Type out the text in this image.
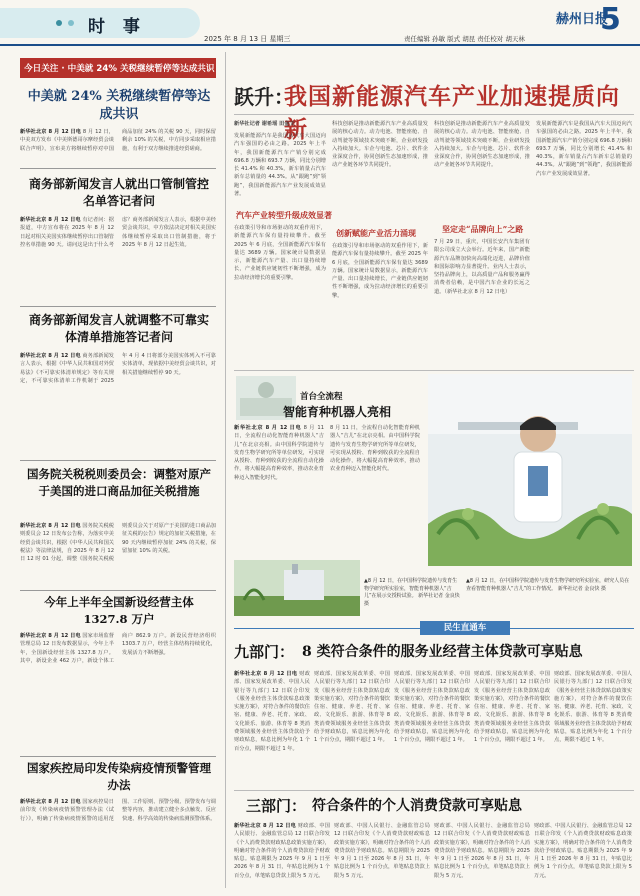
时 事
2025 年 8 月 13 日 星期三	责任编辑 孙敏 版式 胡昆 责任校对 胡天林
赫州日报
5
今日关注 · 中美就 24% 关税继续暂停等达成共识
中美就 24% 关税继续暂停等达成共识
新华社北京 8 月 12 日电 8 月 12 日，中美双方发布《中美斯德哥尔摩经贸会谈联合声明》，宣布美方将继续暂停对中国商品加征 24% 的关税 90 天，同时保留剩余 10% 的关税，中方同步采取相应措施，有利于双方继续推进经贸磋商。
商务部新闻发言人就出口管制管控名单答记者问
新华社北京 8 月 12 日电 有记者问：据报道，中方宣布将在 2025 年 8 月 12 日起对相关美国实体继续暂停出口管制管控名单措施 90 天。请问这是出于什么考虑？商务部新闻发言人表示，根据中美经贸会谈共识，中方依法决定对相关美国实体继续暂停采取出口管制措施，将于 2025 年 8 月 12 日起生效。
商务部新闻发言人就调整不可靠实体清单措施答记者问
新华社北京 8 月 12 日电 商务部新闻发言人表示，根据《中华人民共和国对外贸易法》《不可靠实体清单规定》等有关规定，不可靠实体清单工作机制于 2025 年 4 月 4 日将部分美国实体列入不可靠实体清单，现依据中美经贸会谈共识，对相关措施继续暂停 90 天。
国务院关税税则委员会：调整对原产于美国的进口商品加征关税措施
新华社北京 8 月 12 日电 国务院关税税则委员会 12 日发布公告称，为落实中美经贸会谈共识，根据《中华人民共和国关税法》等法律法规，自 2025 年 8 月 12 日 12 时 01 分起，调整《国务院关税税则委员会关于对原产于美国的进口商品加征关税的公告》规定的加征关税措施，在 90 天内继续暂停加征 24% 的关税，保留加征 10% 的关税。
今年上半年全国新设经营主体 1327.8 万户
新华社北京 8 月 12 日电 国家市场监督管理总局 12 日发布数据显示，今年上半年，全国新设经营主体 1327.8 万户。其中，新设企业 462 万户，新设个体工商户 862.9 万户。新设民营经济组织 1303.7 万户，经营主体结构持续优化，发展活力不断增强。
国家疾控局印发传染病疫情预警管理办法
新华社北京 8 月 12 日电 国家疾控局日前印发《传染病疫情预警管理办法（试行）》，明确了传染病疫情预警的适用范围、工作原则、预警分级、预警发布与调整等内容，推动建立健全多点触发、反应快速、科学高效的传染病监测预警体系。
跃升：
我国新能源汽车产业加速提质向新
新华社记者 谢希瑶 田金文
发展新能源汽车是我国从汽车大国迈向汽车强国的必由之路。2025 年上半年，我国新能源汽车产销分别完成 696.8 万辆和 693.7 万辆，同比分别增长 41.4% 和 40.3%，新车销量占汽车新车总销量的 44.3%。从“跟跑”到“领跑”，我国新能源汽车产业发展成效显著。
汽车产业转型升级成效显著
在政策引导和市场驱动的双重作用下，新能源汽车保有量持续攀升。截至 2025 年 6 月底，全国新能源汽车保有量达 3689 万辆。国家统计局数据显示，新能源汽车产量、出口量持续增长，产业链供应链韧性不断增强，成为拉动经济增长的重要引擎。
科技创新是推动新能源汽车产业高质量发展的核心动力。动力电池、智能座舱、自动驾驶等领域技术突破不断，企业研发投入持续加大。车企与电池、芯片、软件企业深度合作，协同创新生态加速形成，推动产业链各环节共同提升。
创新赋能产业活力涌现
在政策引导和市场驱动的双重作用下，新能源汽车保有量持续攀升。截至 2025 年 6 月底，全国新能源汽车保有量达 3689 万辆。国家统计局数据显示，新能源汽车产量、出口量持续增长，产业链供应链韧性不断增强，成为拉动经济增长的重要引擎。
科技创新是推动新能源汽车产业高质量发展的核心动力。动力电池、智能座舱、自动驾驶等领域技术突破不断，企业研发投入持续加大。车企与电池、芯片、软件企业深度合作，协同创新生态加速形成，推动产业链各环节共同提升。
坚定走“品牌向上”之路
7 月 29 日，重庆，中国长安汽车集团有限公司成立大会举行。近年来，国产新能源汽车品牌加快向高端化迈进，品牌价值和国际影响力显著提升。业内人士表示，坚持品牌向上，以高质量产品和服务赢得消费者信赖，是中国汽车企业的长远之道。（新华社北京 8 月 12 日电）
发展新能源汽车是我国从汽车大国迈向汽车强国的必由之路。2025 年上半年，我国新能源汽车产销分别完成 696.8 万辆和 693.7 万辆，同比分别增长 41.4% 和 40.3%，新车销量占汽车新车总销量的 44.3%。从“跟跑”到“领跑”，我国新能源汽车产业发展成效显著。
首台全流程
智能育种机器人亮相
新华社北京 8 月 12 日电 8 月 11 日，全流程自动化智能育种机器人“吉儿”在北京亮相。由中国科学院遗传与发育生物学研究所等单位研发，可实现从授粉、育种到收获的全流程自动化操作，将大幅提高育种效率，推动农业育种迈入智能化时代。
8 月 11 日，全流程自动化智能育种机器人“吉儿”在北京亮相。由中国科学院遗传与发育生物学研究所等单位研发，可实现从授粉、育种到收获的全流程自动化操作，将大幅提高育种效率，推动农业育种迈入智能化时代。
▲8 月 12 日，在中国科学院遗传与发育生物学研究所实验室，智能育种机器人“吉儿”在展示交授粉试验。 新华社记者 金良快 摄
▲8 月 12 日，在中国科学院遗传与发育生物学研究所实验室，研究人员在查看智能育种机器人“吉儿”的工作情况。 新华社记者 金良快 摄
民生直通车
九部门： 8 类符合条件的服务业经营主体贷款可享贴息
新华社北京 8 月 12 日电 财政部、国家发展改革委、中国人民银行等九部门 12 日联合印发《服务业经营主体贷款贴息政策实施方案》，对符合条件的餐饮住宿、健康、养老、托育、家政、文化娱乐、旅游、体育等 8 类消费领域服务业经营主体贷款给予财政贴息，贴息比例为年化 1 个百分点，期限不超过 1 年。
财政部、国家发展改革委、中国人民银行等九部门 12 日联合印发《服务业经营主体贷款贴息政策实施方案》，对符合条件的餐饮住宿、健康、养老、托育、家政、文化娱乐、旅游、体育等 8 类消费领域服务业经营主体贷款给予财政贴息，贴息比例为年化 1 个百分点，期限不超过 1 年。
财政部、国家发展改革委、中国人民银行等九部门 12 日联合印发《服务业经营主体贷款贴息政策实施方案》，对符合条件的餐饮住宿、健康、养老、托育、家政、文化娱乐、旅游、体育等 8 类消费领域服务业经营主体贷款给予财政贴息，贴息比例为年化 1 个百分点，期限不超过 1 年。
财政部、国家发展改革委、中国人民银行等九部门 12 日联合印发《服务业经营主体贷款贴息政策实施方案》，对符合条件的餐饮住宿、健康、养老、托育、家政、文化娱乐、旅游、体育等 8 类消费领域服务业经营主体贷款给予财政贴息，贴息比例为年化 1 个百分点，期限不超过 1 年。
财政部、国家发展改革委、中国人民银行等九部门 12 日联合印发《服务业经营主体贷款贴息政策实施方案》，对符合条件的餐饮住宿、健康、养老、托育、家政、文化娱乐、旅游、体育等 8 类消费领域服务业经营主体贷款给予财政贴息，贴息比例为年化 1 个百分点，期限不超过 1 年。
三部门： 符合条件的个人消费贷款可享贴息
新华社北京 8 月 12 日电 财政部、中国人民银行、金融监管总局 12 日联合印发《个人消费贷款财政贴息政策实施方案》，明确对符合条件的个人消费贷款给予财政贴息。贴息期限为 2025 年 9 月 1 日至 2026 年 8 月 31 日，年贴息比例为 1 个百分点，单笔贴息贷款上限为 5 万元。
财政部、中国人民银行、金融监管总局 12 日联合印发《个人消费贷款财政贴息政策实施方案》，明确对符合条件的个人消费贷款给予财政贴息。贴息期限为 2025 年 9 月 1 日至 2026 年 8 月 31 日，年贴息比例为 1 个百分点，单笔贴息贷款上限为 5 万元。
财政部、中国人民银行、金融监管总局 12 日联合印发《个人消费贷款财政贴息政策实施方案》，明确对符合条件的个人消费贷款给予财政贴息。贴息期限为 2025 年 9 月 1 日至 2026 年 8 月 31 日，年贴息比例为 1 个百分点，单笔贴息贷款上限为 5 万元。
财政部、中国人民银行、金融监管总局 12 日联合印发《个人消费贷款财政贴息政策实施方案》，明确对符合条件的个人消费贷款给予财政贴息。贴息期限为 2025 年 9 月 1 日至 2026 年 8 月 31 日，年贴息比例为 1 个百分点，单笔贴息贷款上限为 5 万元。
